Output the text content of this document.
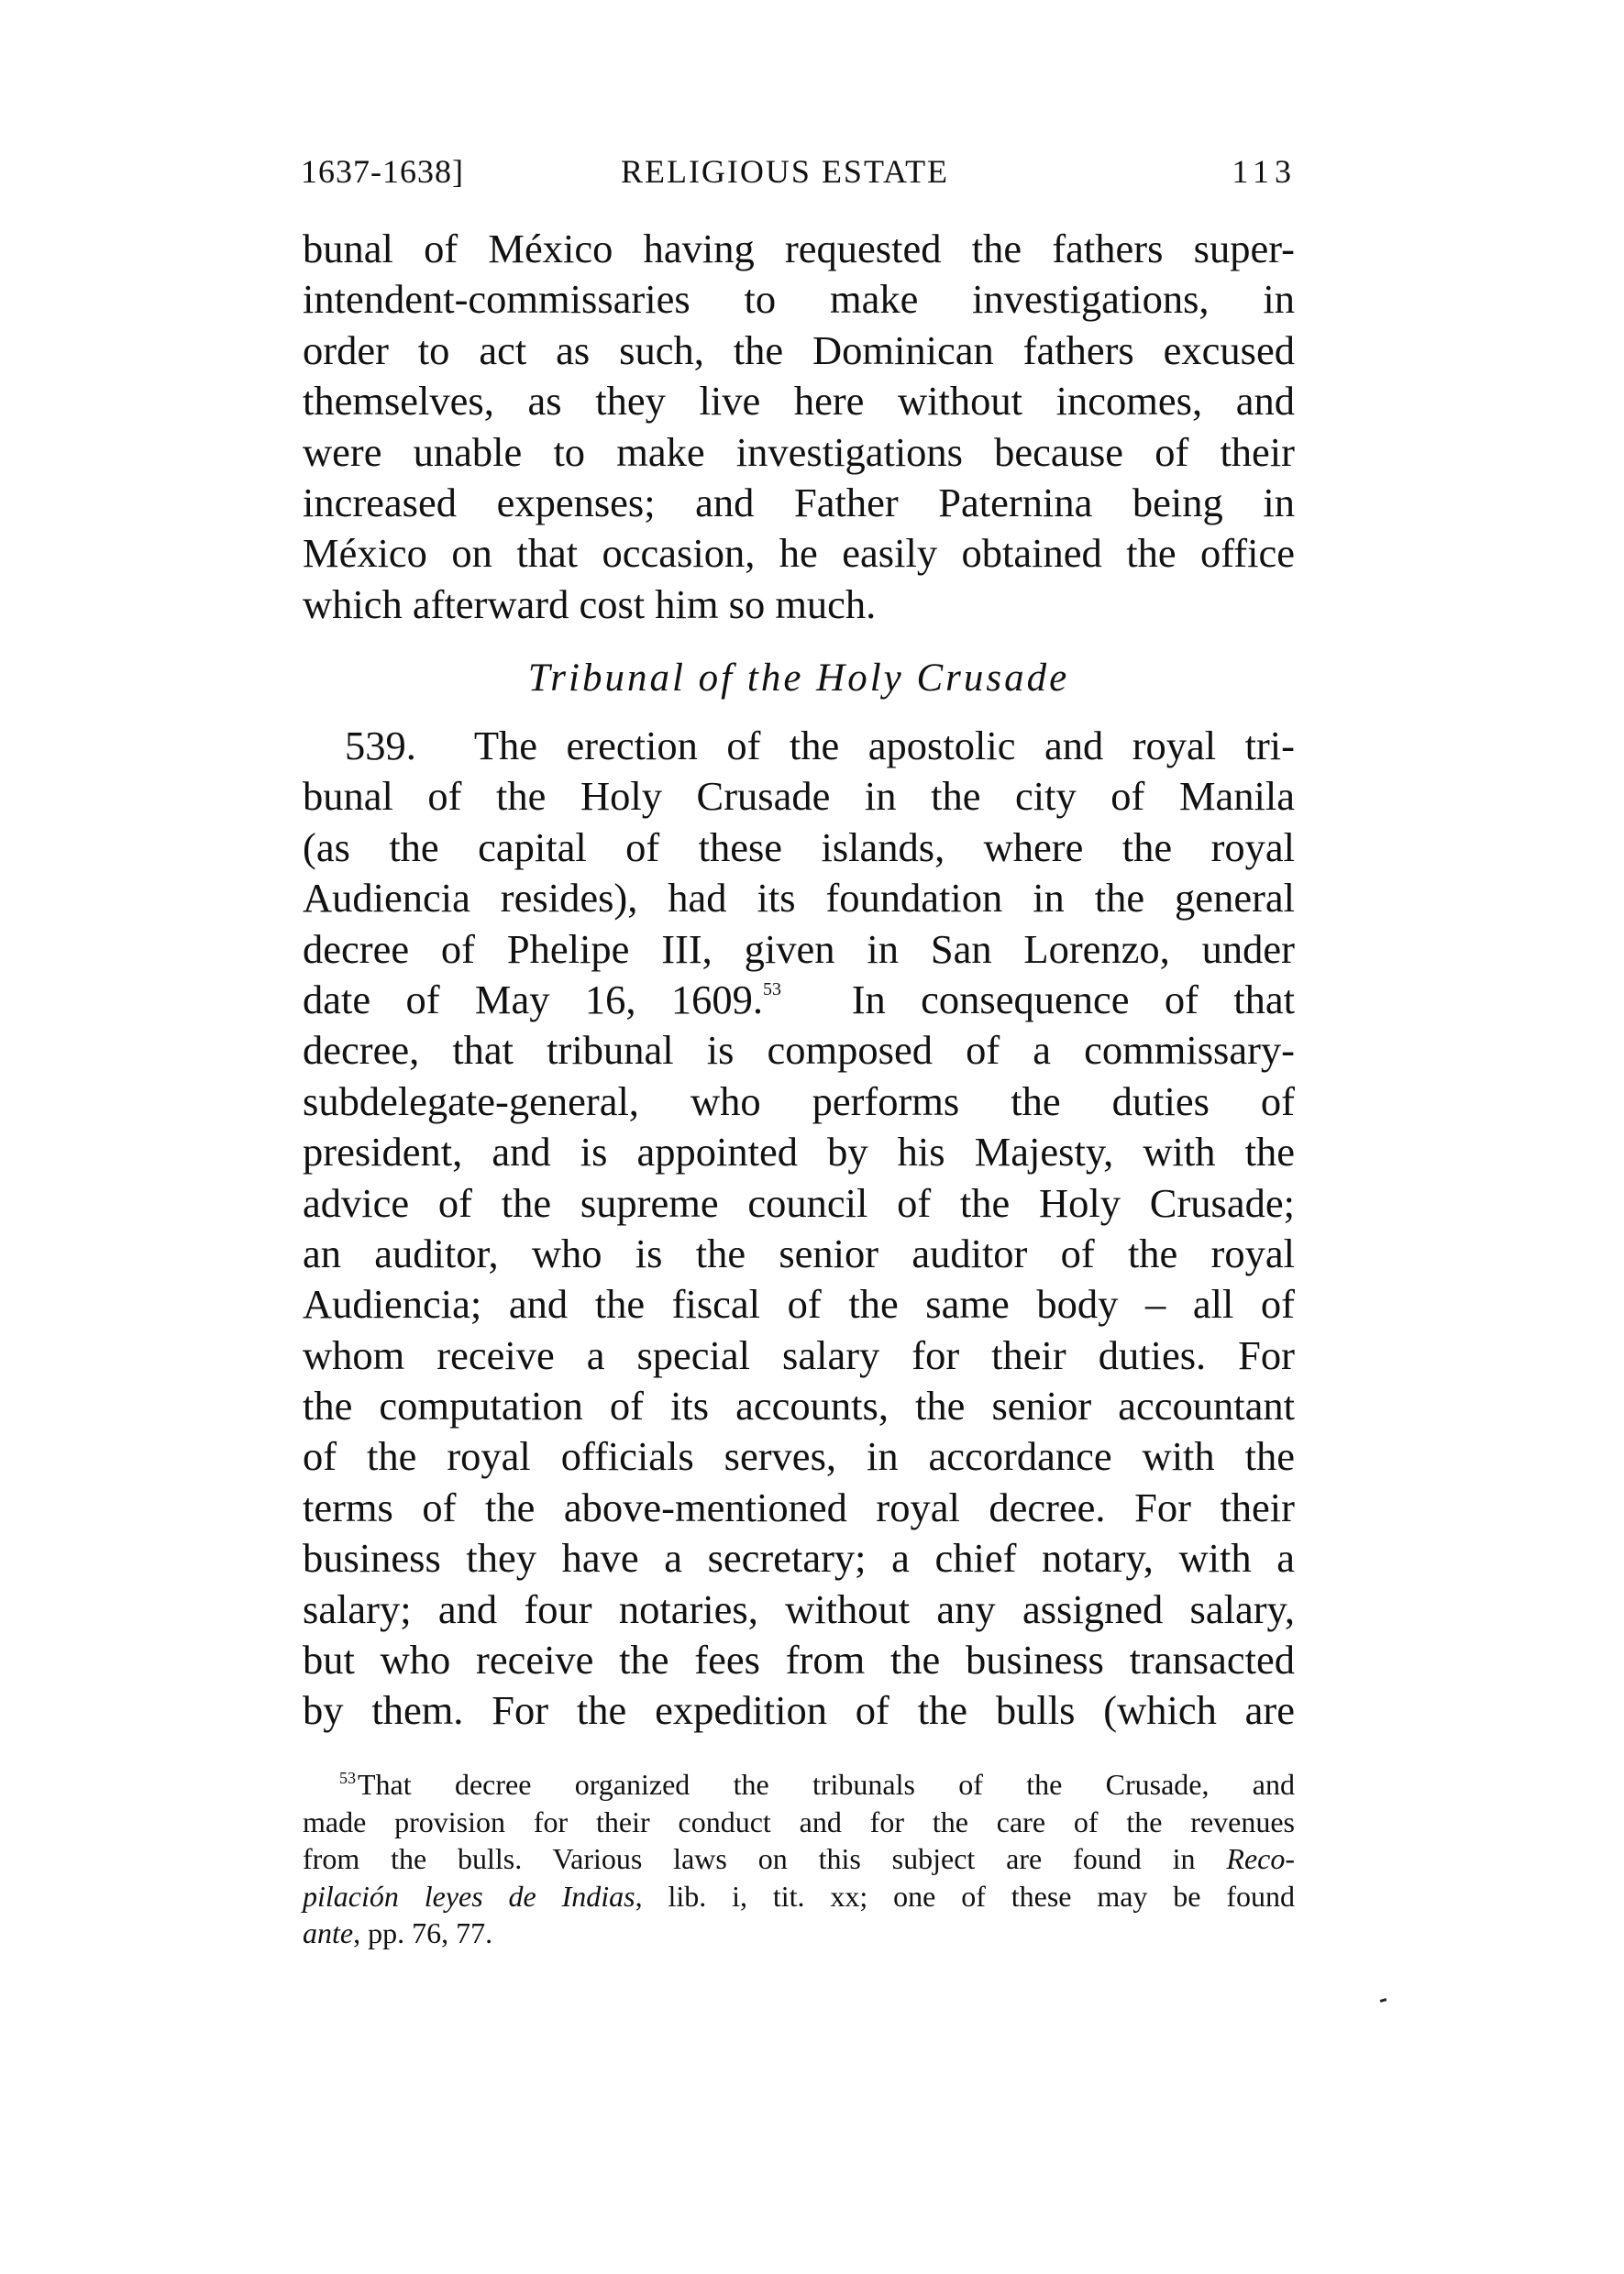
1637-1638]	RELIGIOUS ESTATE	113
bunal of México having requested the fathers super-
intendent-commissaries to make investigations, in
order to act as such, the Dominican fathers excused
themselves, as they live here without incomes, and
were unable to make investigations because of their
increased expenses; and Father Paternina being in
México on that occasion, he easily obtained the office
which afterward cost him so much.
Tribunal of the Holy Crusade
539. The erection of the apostolic and royal tri-
bunal of the Holy Crusade in the city of Manila
(as the capital of these islands, where the royal
Audiencia resides), had its foundation in the general
decree of Phelipe III, given in San Lorenzo, under
date of May 16, 1609.53 In consequence of that
decree, that tribunal is composed of a commissary-
subdelegate-general, who performs the duties of
president, and is appointed by his Majesty, with the
advice of the supreme council of the Holy Crusade;
an auditor, who is the senior auditor of the royal
Audiencia; and the fiscal of the same body – all of
whom receive a special salary for their duties. For
the computation of its accounts, the senior accountant
of the royal officials serves, in accordance with the
terms of the above-mentioned royal decree. For their
business they have a secretary; a chief notary, with a
salary; and four notaries, without any assigned salary,
but who receive the fees from the business transacted
by them. For the expedition of the bulls (which are
$^{53}$That decree organized the tribunals of the Crusade, and
made provision for their conduct and for the care of the revenues
from the bulls. Various laws on this subject are found in Reco-
pilación leyes de Indias, lib. i, tit. xx; one of these may be found
ante, pp. 76, 77.
